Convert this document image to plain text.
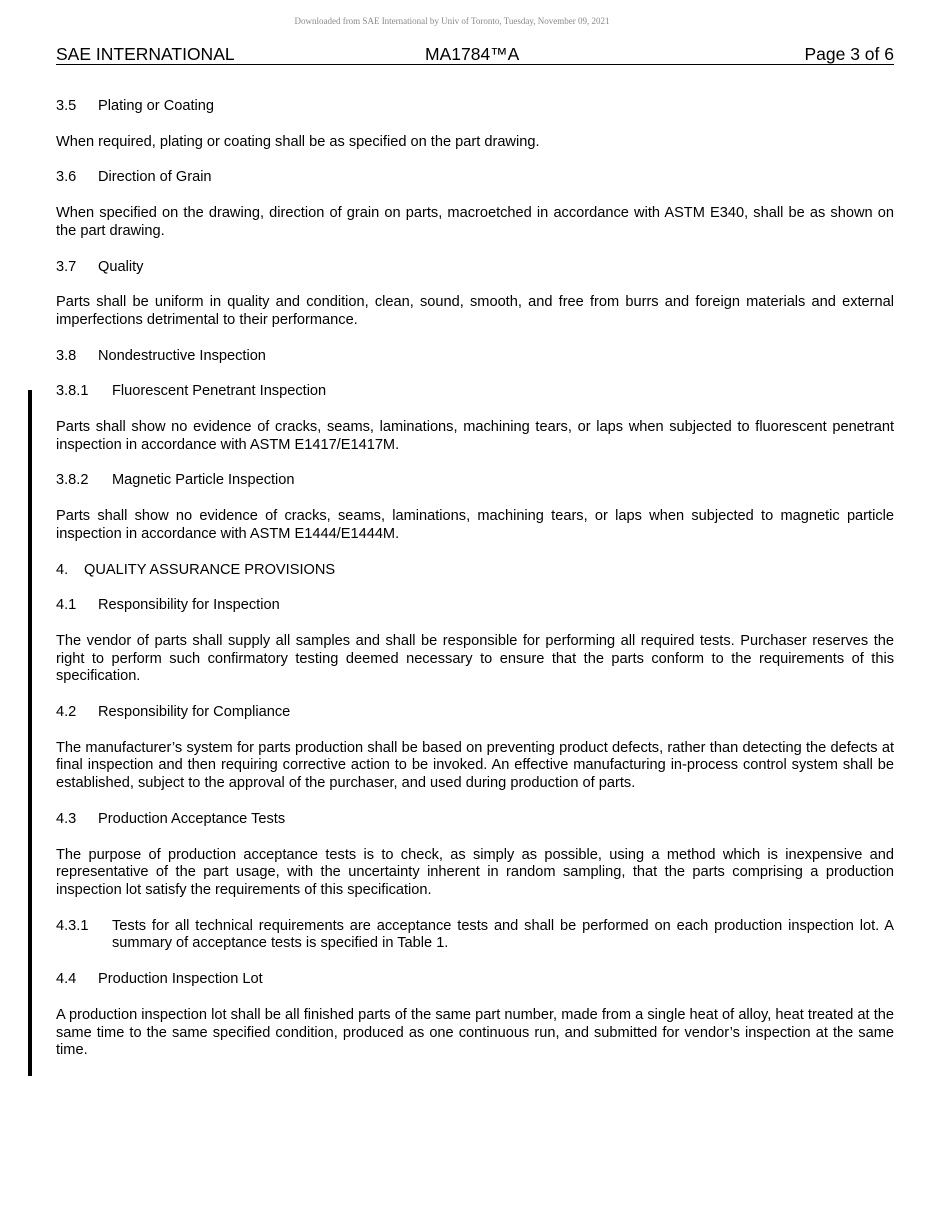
Downloaded from SAE International by Univ of Toronto, Tuesday, November 09, 2021
SAE INTERNATIONAL	MA1784™A	Page 3 of 6
3.5	Plating or Coating

When required, plating or coating shall be as specified on the part drawing.

3.6	Direction of Grain

When specified on the drawing, direction of grain on parts, macroetched in accordance with ASTM E340, shall be as shown on the part drawing.

3.7	Quality

Parts shall be uniform in quality and condition, clean, sound, smooth, and free from burrs and foreign materials and external imperfections detrimental to their performance.

3.8	Nondestructive Inspection
3.8.1	Fluorescent Penetrant Inspection

Parts shall show no evidence of cracks, seams, laminations, machining tears, or laps when subjected to fluorescent penetrant inspection in accordance with ASTM E1417/E1417M.

3.8.2	Magnetic Particle Inspection

Parts shall show no evidence of cracks, seams, laminations, machining tears, or laps when subjected to magnetic particle inspection in accordance with ASTM E1444/E1444M.

4.	QUALITY ASSURANCE PROVISIONS
4.1	Responsibility for Inspection

The vendor of parts shall supply all samples and shall be responsible for performing all required tests. Purchaser reserves the right to perform such confirmatory testing deemed necessary to ensure that the parts conform to the requirements of this specification.

4.2	Responsibility for Compliance

The manufacturer’s system for parts production shall be based on preventing product defects, rather than detecting the defects at final inspection and then requiring corrective action to be invoked. An effective manufacturing in-process control system shall be established, subject to the approval of the purchaser, and used during production of parts.

4.3	Production Acceptance Tests

The purpose of production acceptance tests is to check, as simply as possible, using a method which is inexpensive and representative of the part usage, with the uncertainty inherent in random sampling, that the parts comprising a production inspection lot satisfy the requirements of this specification.

4.3.1	Tests for all technical requirements are acceptance tests and shall be performed on each production inspection lot. A summary of acceptance tests is specified in Table 1.
4.4	Production Inspection Lot

A production inspection lot shall be all finished parts of the same part number, made from a single heat of alloy, heat treated at the same time to the same specified condition, produced as one continuous run, and submitted for vendor’s inspection at the same time.
